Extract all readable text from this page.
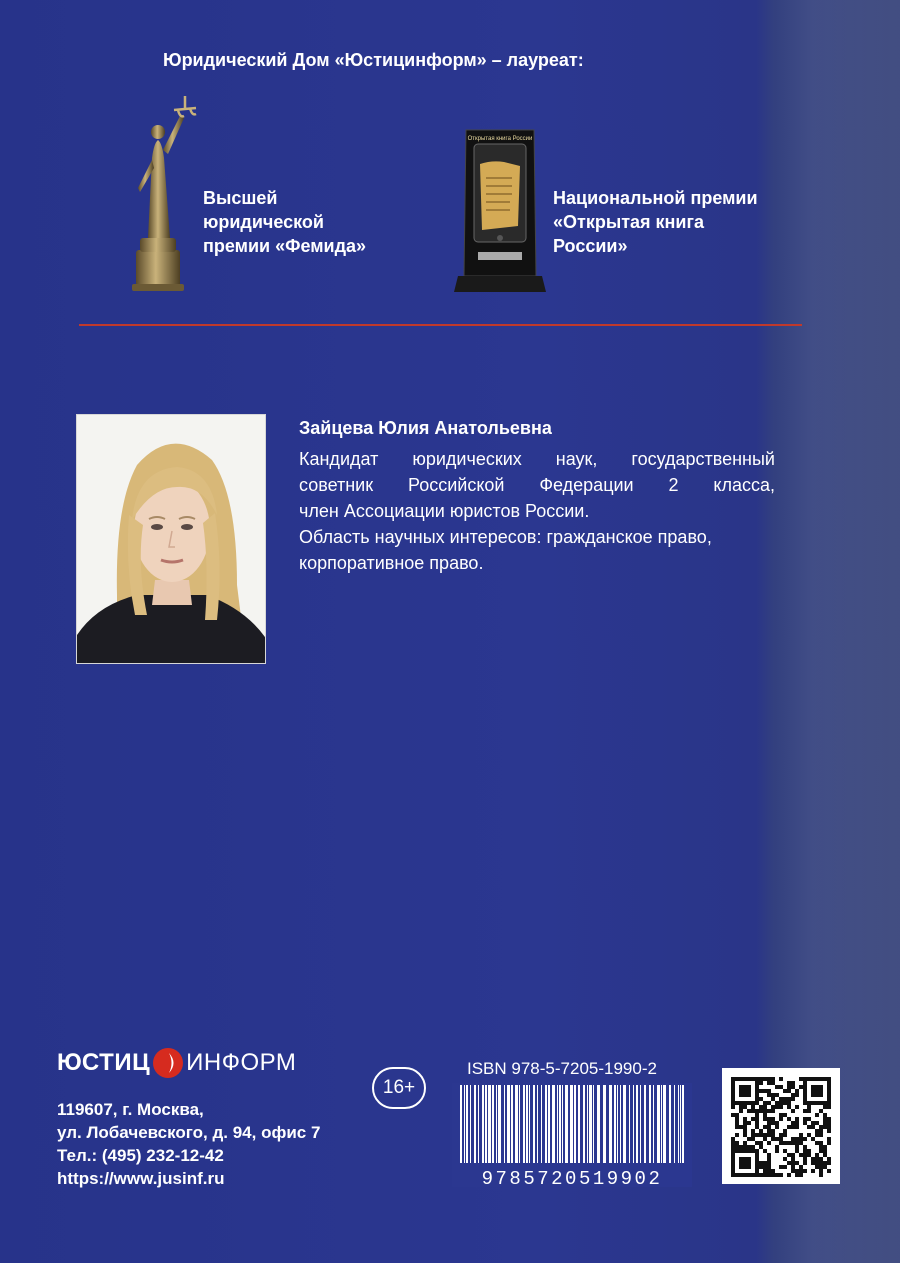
Юридический Дом «Юстицинформ» – лауреат:
Высшей
юридической
премии «Фемида»
Открытая книга России
Национальной премии
«Открытая книга
России»
Зайцева Юлия Анатольевна
Кандидат юридических наук, государственный
советник Российской Федерации 2 класса,
член Ассоциации юристов России.
Область научных интересов: гражданское право,
корпоративное право.
ЮСТИЦ ИНФОРМ
119607, г. Москва,
ул. Лобачевского, д. 94, офис 7
Тел.: (495) 232-12-42
https://www.jusinf.ru
16+
ISBN 978-5-7205-1990-2
9785720519902
